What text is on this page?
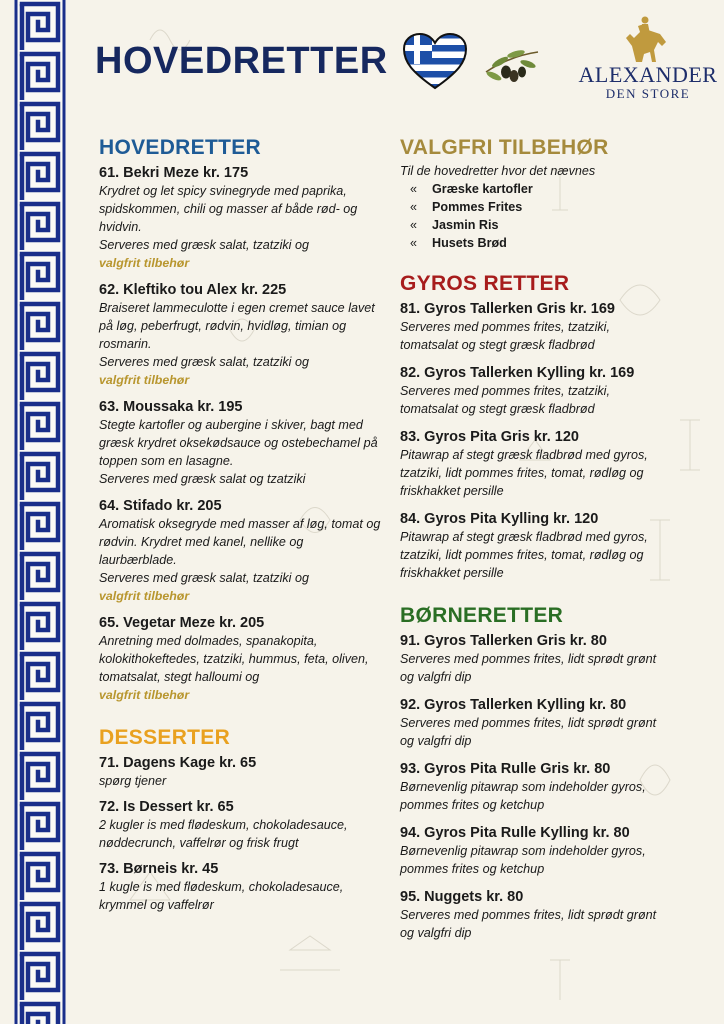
HOVEDRETTER	ALEXANDER
DEN STORE
HOVEDRETTER
61. Bekri Meze kr. 175
Krydret og let spicy svinegryde med paprika, spidskommen, chili og masser af både rød- og hvidvin.
Serveres med græsk salat, tzatziki og
valgfrit tilbehør
62. Kleftiko tou Alex kr. 225
Braiseret lammeculotte i egen cremet sauce lavet på løg, peberfrugt, rødvin, hvidløg, timian og rosmarin.
Serveres med græsk salat, tzatziki og
valgfrit tilbehør
63. Moussaka kr. 195
Stegte kartofler og aubergine i skiver, bagt med græsk krydret oksekødsauce og ostebechamel på toppen som en lasagne.
Serveres med græsk salat og tzatziki
64. Stifado kr. 205
Aromatisk oksegryde med masser af løg, tomat og rødvin. Krydret med kanel, nellike og laurbærblade.
Serveres med græsk salat, tzatziki og
valgfrit tilbehør
65. Vegetar Meze kr. 205
Anretning med dolmades, spanakopita, kolokithokeftedes, tzatziki, hummus, feta, oliven, tomatsalat, stegt halloumi og
valgfrit tilbehør
DESSERTER
71. Dagens Kage kr. 65
spørg tjener
72. Is Dessert kr. 65
2 kugler is med flødeskum, chokoladesauce, nøddecrunch, vaffelrør og frisk frugt
73. Børneis kr. 45
1 kugle is med flødeskum, chokoladesauce, krymmel og vaffelrør
VALGFRI TILBEHØR
Til de hovedretter hvor det nævnes
« Græske kartofler
« Pommes Frites
« Jasmin Ris
« Husets Brød
GYROS RETTER
81. Gyros Tallerken Gris kr. 169
Serveres med pommes frites, tzatziki, tomatsalat og stegt græsk fladbrød
82. Gyros Tallerken Kylling kr. 169
Serveres med pommes frites, tzatziki, tomatsalat og stegt græsk fladbrød
83. Gyros Pita Gris kr. 120
Pitawrap af stegt græsk fladbrød med gyros, tzatziki, lidt pommes frites, tomat, rødløg og friskhakket persille
84. Gyros Pita Kylling kr. 120
Pitawrap af stegt græsk fladbrød med gyros, tzatziki, lidt pommes frites, tomat, rødløg og friskhakket persille
BØRNERETTER
91. Gyros Tallerken Gris kr. 80
Serveres med pommes frites, lidt sprødt grønt og valgfri dip
92. Gyros Tallerken Kylling kr. 80
Serveres med pommes frites, lidt sprødt grønt og valgfri dip
93. Gyros Pita Rulle Gris kr. 80
Børnevenlig pitawrap som indeholder gyros, pommes frites og ketchup
94. Gyros Pita Rulle Kylling kr. 80
Børnevenlig pitawrap som indeholder gyros, pommes frites og ketchup
95. Nuggets kr. 80
Serveres med pommes frites, lidt sprødt grønt og valgfri dip
